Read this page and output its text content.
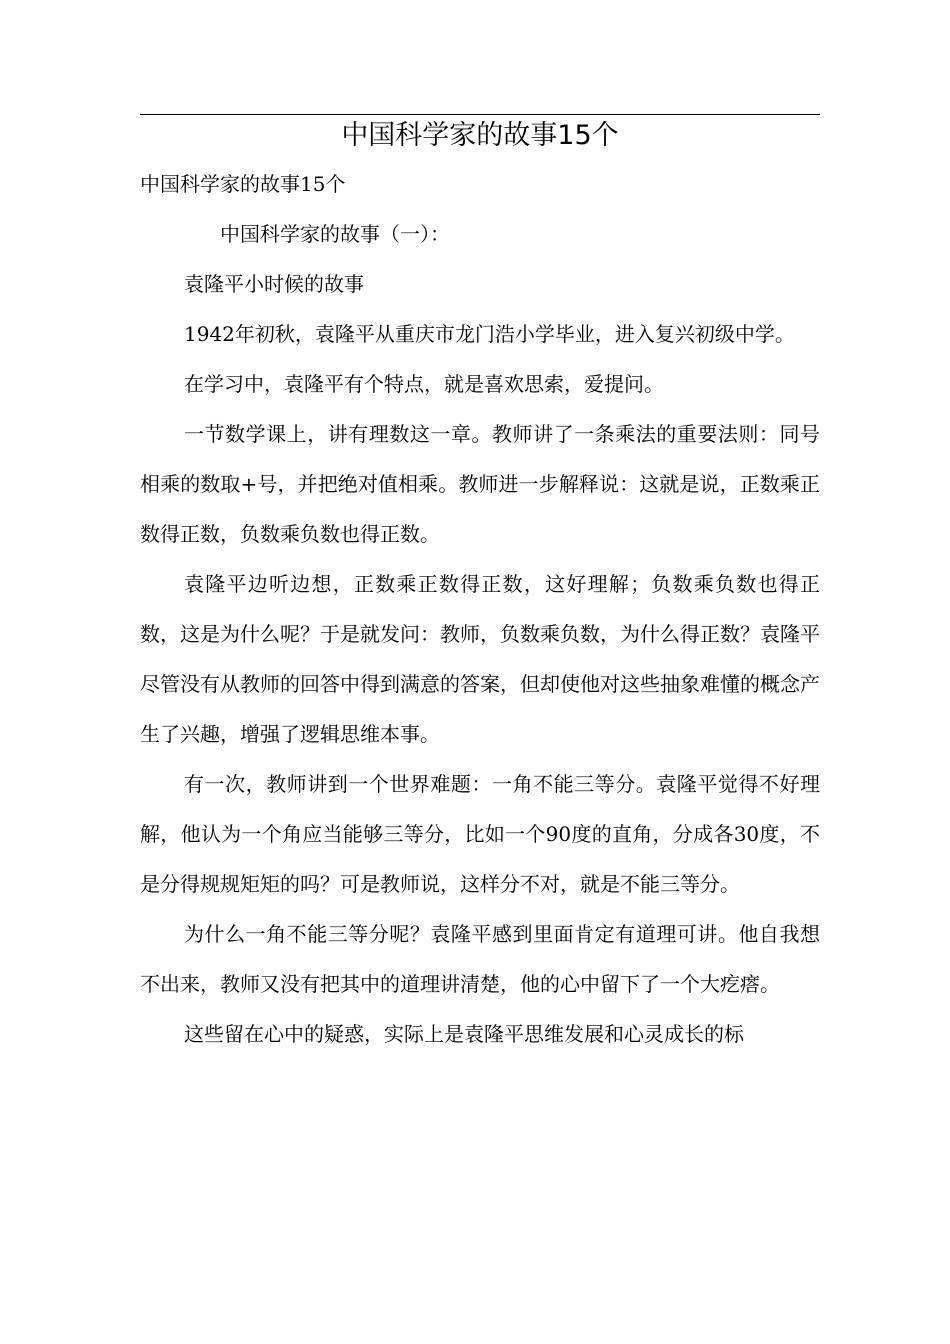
中国科学家的故事15个

中国科学家的故事15个

中国科学家的故事（一）：

袁隆平小时候的故事

1942年初秋，袁隆平从重庆市龙门浩小学毕业，进入复兴初级中学。

在学习中，袁隆平有个特点，就是喜欢思索，爱提问。

一节数学课上，讲有理数这一章。教师讲了一条乘法的重要法则：同号相乘的数取+号，并把绝对值相乘。教师进一步解释说：这就是说，正数乘正数得正数，负数乘负数也得正数。

袁隆平边听边想，正数乘正数得正数，这好理解；负数乘负数也得正数，这是为什么呢？于是就发问：教师，负数乘负数，为什么得正数？袁隆平尽管没有从教师的回答中得到满意的答案，但却使他对这些抽象难懂的概念产生了兴趣，增强了逻辑思维本事。

有一次，教师讲到一个世界难题：一角不能三等分。袁隆平觉得不好理解，他认为一个角应当能够三等分，比如一个90度的直角，分成各30度，不是分得规规矩矩的吗？可是教师说，这样分不对，就是不能三等分。

为什么一角不能三等分呢？袁隆平感到里面肯定有道理可讲。他自我想不出来，教师又没有把其中的道理讲清楚，他的心中留下了一个大疙瘩。

这些留在心中的疑惑，实际上是袁隆平思维发展和心灵成长的标
